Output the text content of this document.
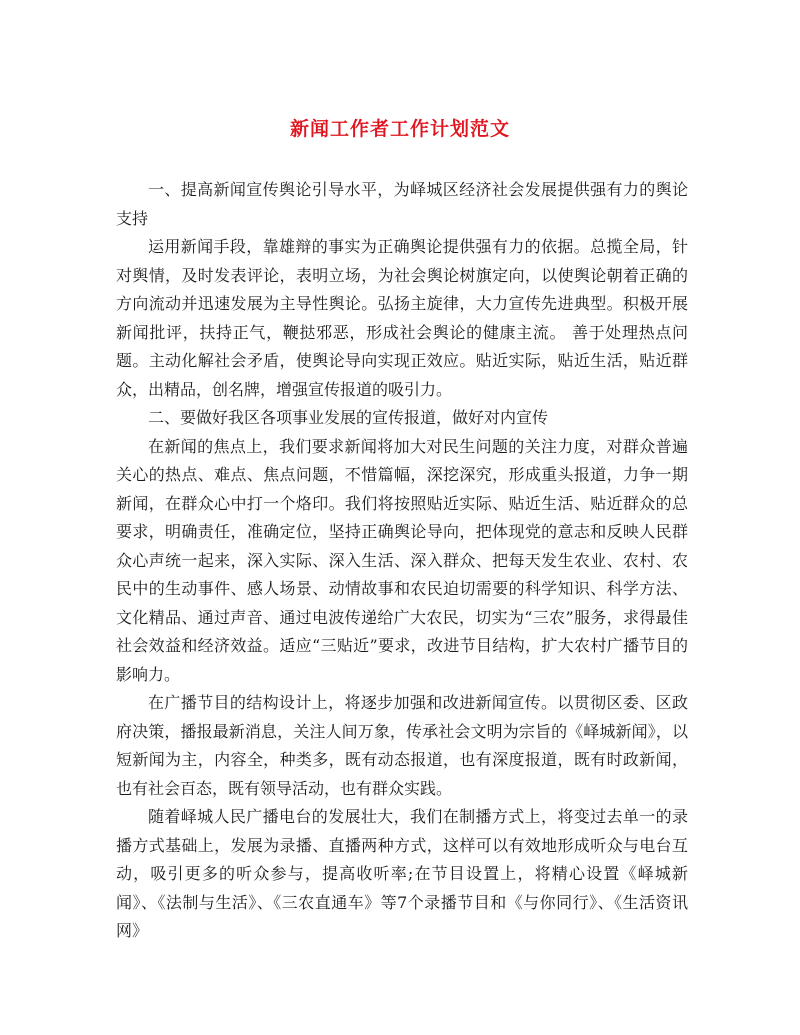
新闻工作者工作计划范文

一、提高新闻宣传舆论引导水平，为峄城区经济社会发展提供强有力的舆论支持

运用新闻手段，靠雄辩的事实为正确舆论提供强有力的依据。总揽全局，针对舆情，及时发表评论，表明立场，为社会舆论树旗定向，以使舆论朝着正确的方向流动并迅速发展为主导性舆论。弘扬主旋律，大力宣传先进典型。积极开展新闻批评，扶持正气，鞭挞邪恶，形成社会舆论的健康主流。 善于处理热点问题。主动化解社会矛盾，使舆论导向实现正效应。贴近实际，贴近生活，贴近群众，出精品，创名牌，增强宣传报道的吸引力。

二、要做好我区各项事业发展的宣传报道，做好对内宣传

在新闻的焦点上，我们要求新闻将加大对民生问题的关注力度，对群众普遍关心的热点、难点、焦点问题，不惜篇幅，深挖深究，形成重头报道，力争一期新闻，在群众心中打一个烙印。我们将按照贴近实际、贴近生活、贴近群众的总要求，明确责任，准确定位，坚持正确舆论导向，把体现党的意志和反映人民群众心声统一起来，深入实际、深入生活、深入群众、把每天发生农业、农村、农民中的生动事件、感人场景、动情故事和农民迫切需要的科学知识、科学方法、文化精品、通过声音、通过电波传递给广大农民，切实为“三农”服务，求得最佳社会效益和经济效益。适应“三贴近”要求，改进节目结构，扩大农村广播节目的影响力。

在广播节目的结构设计上，将逐步加强和改进新闻宣传。以贯彻区委、区政府决策，播报最新消息，关注人间万象，传承社会文明为宗旨的《峄城新闻》，以短新闻为主，内容全，种类多，既有动态报道，也有深度报道，既有时政新闻，也有社会百态，既有领导活动，也有群众实践。

随着峄城人民广播电台的发展壮大，我们在制播方式上，将变过去单一的录播方式基础上，发展为录播、直播两种方式，这样可以有效地形成听众与电台互动，吸引更多的听众参与，提高收听率;在节目设置上，将精心设置《峄城新闻》、《法制与生活》、《三农直通车》等7个录播节目和《与你同行》、《生活资讯网》
